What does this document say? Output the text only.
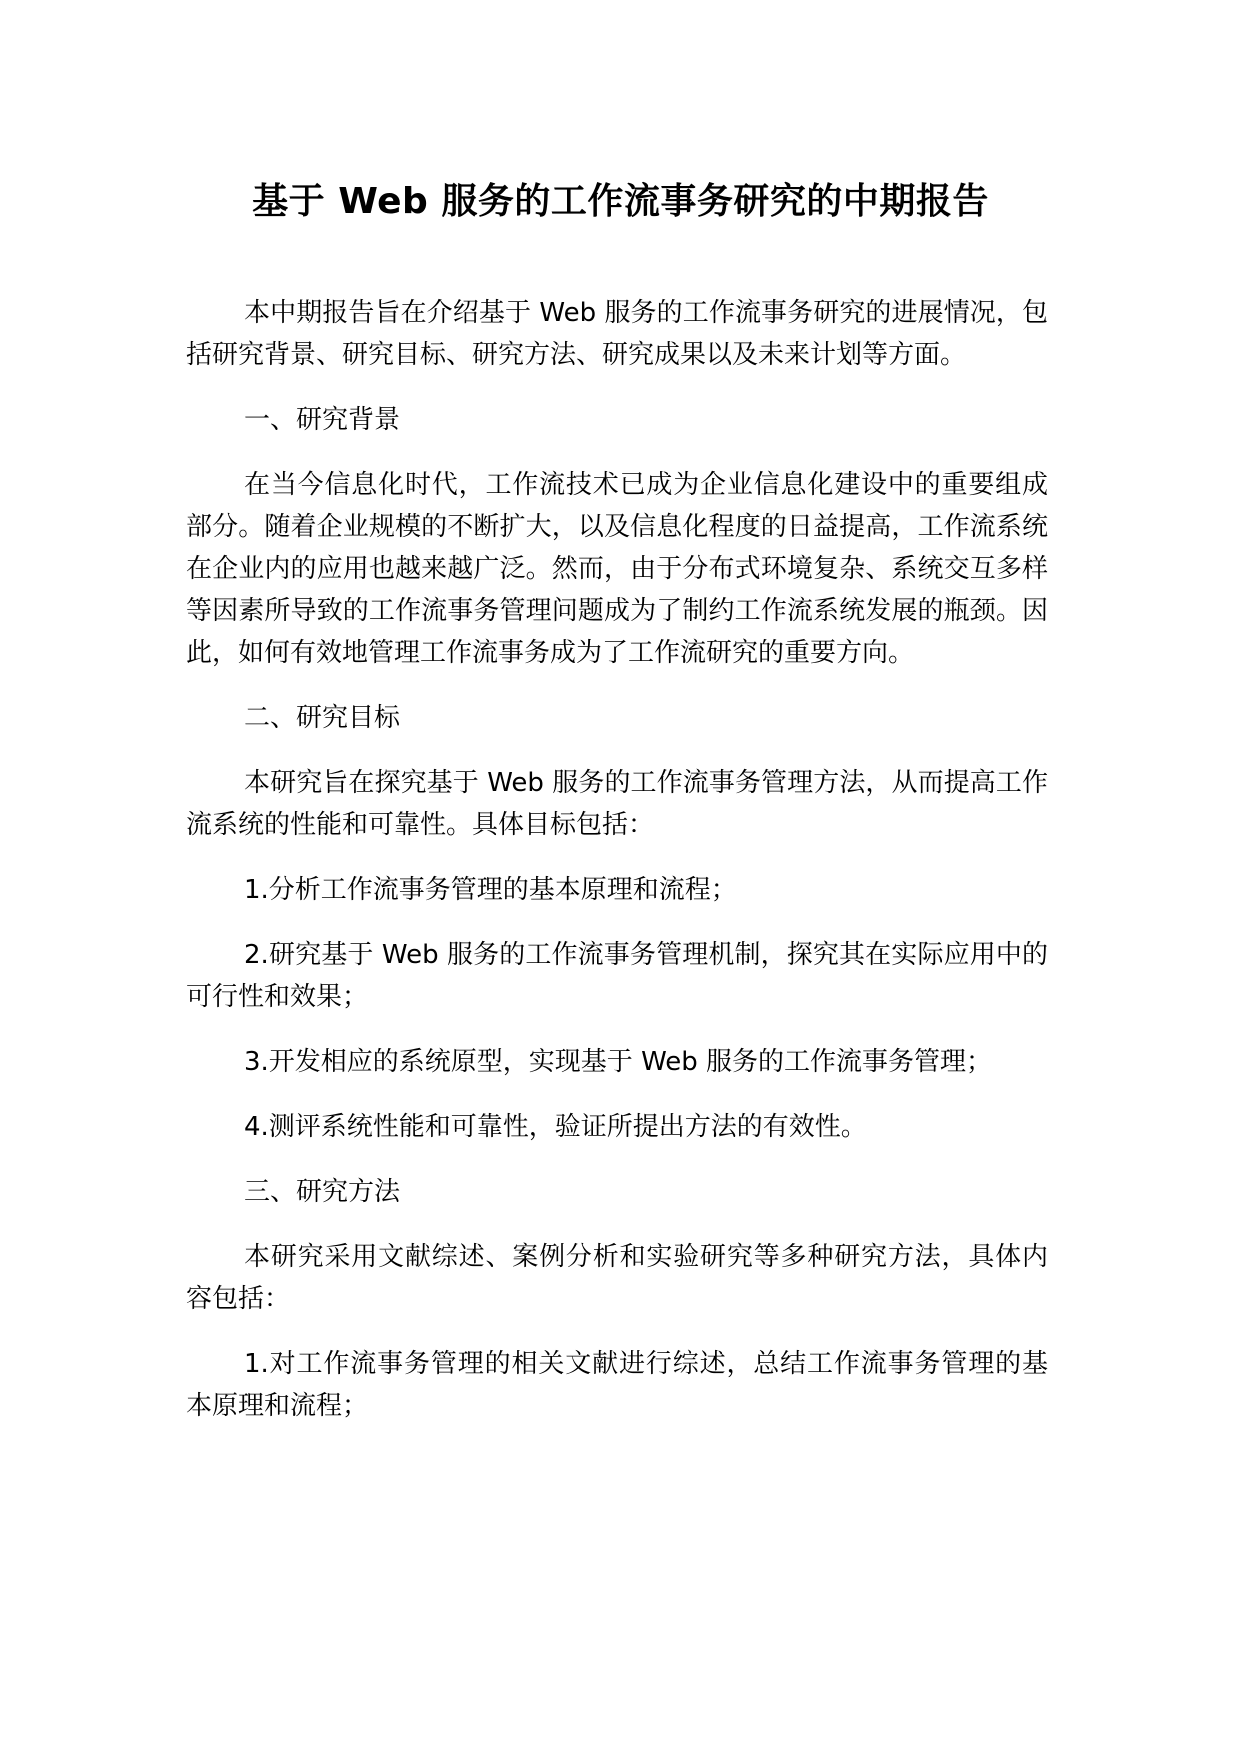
基于 Web 服务的工作流事务研究的中期报告

本中期报告旨在介绍基于 Web 服务的工作流事务研究的进展情况，包括研究背景、研究目标、研究方法、研究成果以及未来计划等方面。

一、研究背景

在当今信息化时代，工作流技术已成为企业信息化建设中的重要组成部分。随着企业规模的不断扩大，以及信息化程度的日益提高，工作流系统在企业内的应用也越来越广泛。然而，由于分布式环境复杂、系统交互多样等因素所导致的工作流事务管理问题成为了制约工作流系统发展的瓶颈。因此，如何有效地管理工作流事务成为了工作流研究的重要方向。

二、研究目标

本研究旨在探究基于 Web 服务的工作流事务管理方法，从而提高工作流系统的性能和可靠性。具体目标包括：

1.分析工作流事务管理的基本原理和流程；

2.研究基于 Web 服务的工作流事务管理机制，探究其在实际应用中的可行性和效果；

3.开发相应的系统原型，实现基于 Web 服务的工作流事务管理；

4.测评系统性能和可靠性，验证所提出方法的有效性。

三、研究方法

本研究采用文献综述、案例分析和实验研究等多种研究方法，具体内容包括：

1.对工作流事务管理的相关文献进行综述，总结工作流事务管理的基本原理和流程；
